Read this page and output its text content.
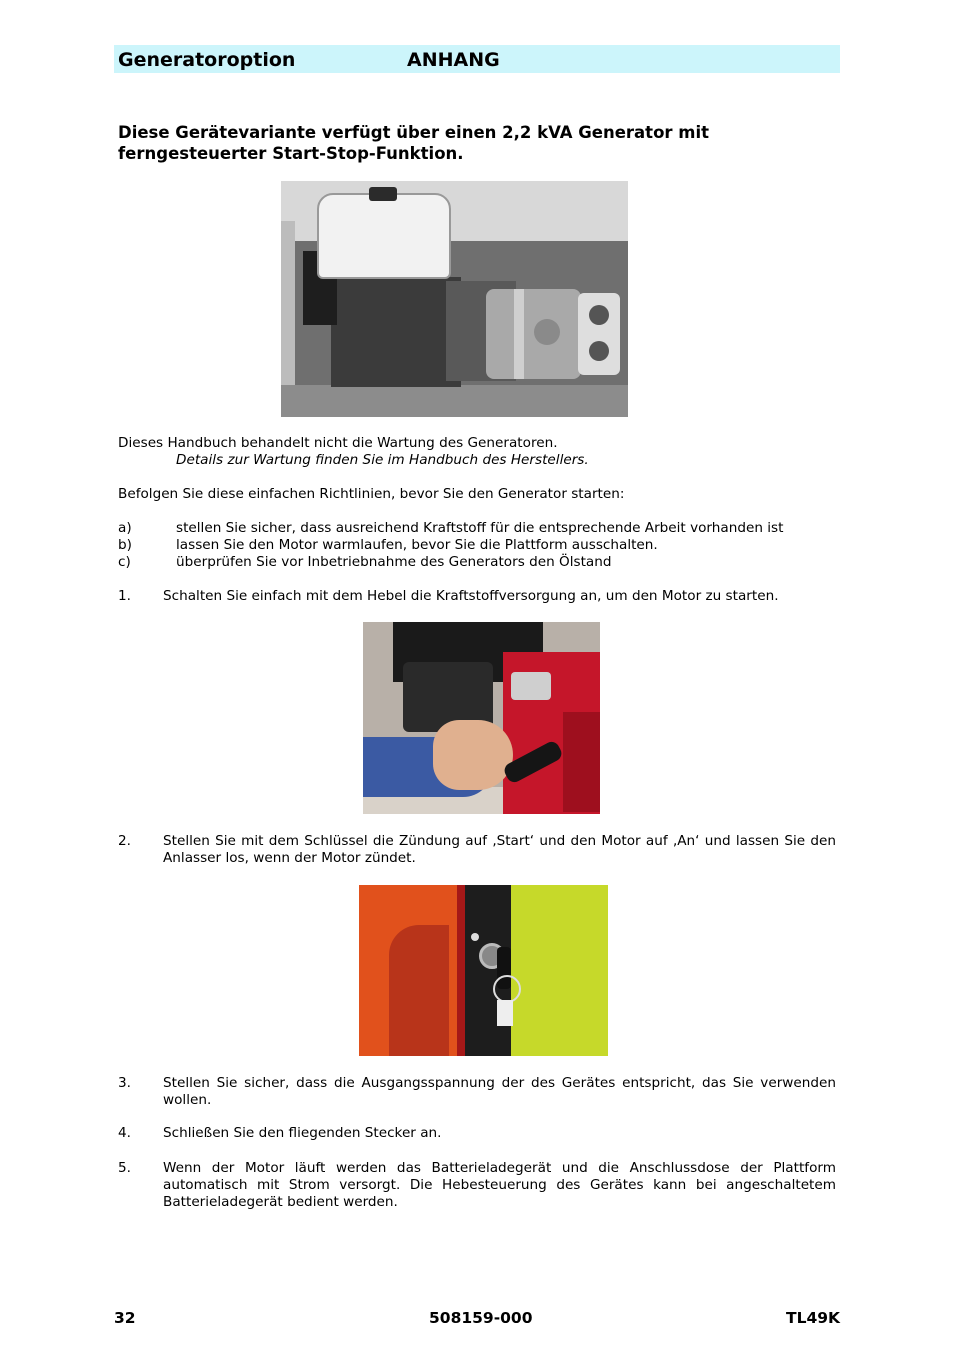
Generatoroption	ANHANG
Diese Gerätevariante verfügt über einen 2,2 kVA Generator mit ferngesteuerter Start-Stop-Funktion.
Dieses Handbuch behandelt nicht die Wartung des Generatoren.
Details zur Wartung finden Sie im Handbuch des Herstellers.
Befolgen Sie diese einfachen Richtlinien, bevor Sie den Generator starten:
a)	stellen Sie sicher, dass ausreichend Kraftstoff für die entsprechende Arbeit vorhanden ist
b)	lassen Sie den Motor warmlaufen, bevor Sie die Plattform ausschalten.
c)	überprüfen Sie vor Inbetriebnahme des Generators den Ölstand
1. Schalten Sie einfach mit dem Hebel die Kraftstoffversorgung an, um den Motor zu starten.
2. Stellen Sie mit dem Schlüssel die Zündung auf ‚Start‘ und den Motor auf ‚An‘ und lassen Sie den Anlasser los, wenn der Motor zündet.
3. Stellen Sie sicher, dass die Ausgangsspannung der des Gerätes entspricht, das Sie verwenden wollen.
4. Schließen Sie den fliegenden Stecker an.
5. Wenn der Motor läuft werden das Batterieladegerät und die Anschlussdose der Plattform automatisch mit Strom versorgt. Die Hebesteuerung des Gerätes kann bei angeschaltetem Batterieladegerät bedient werden.
32	508159-000	TL49K
